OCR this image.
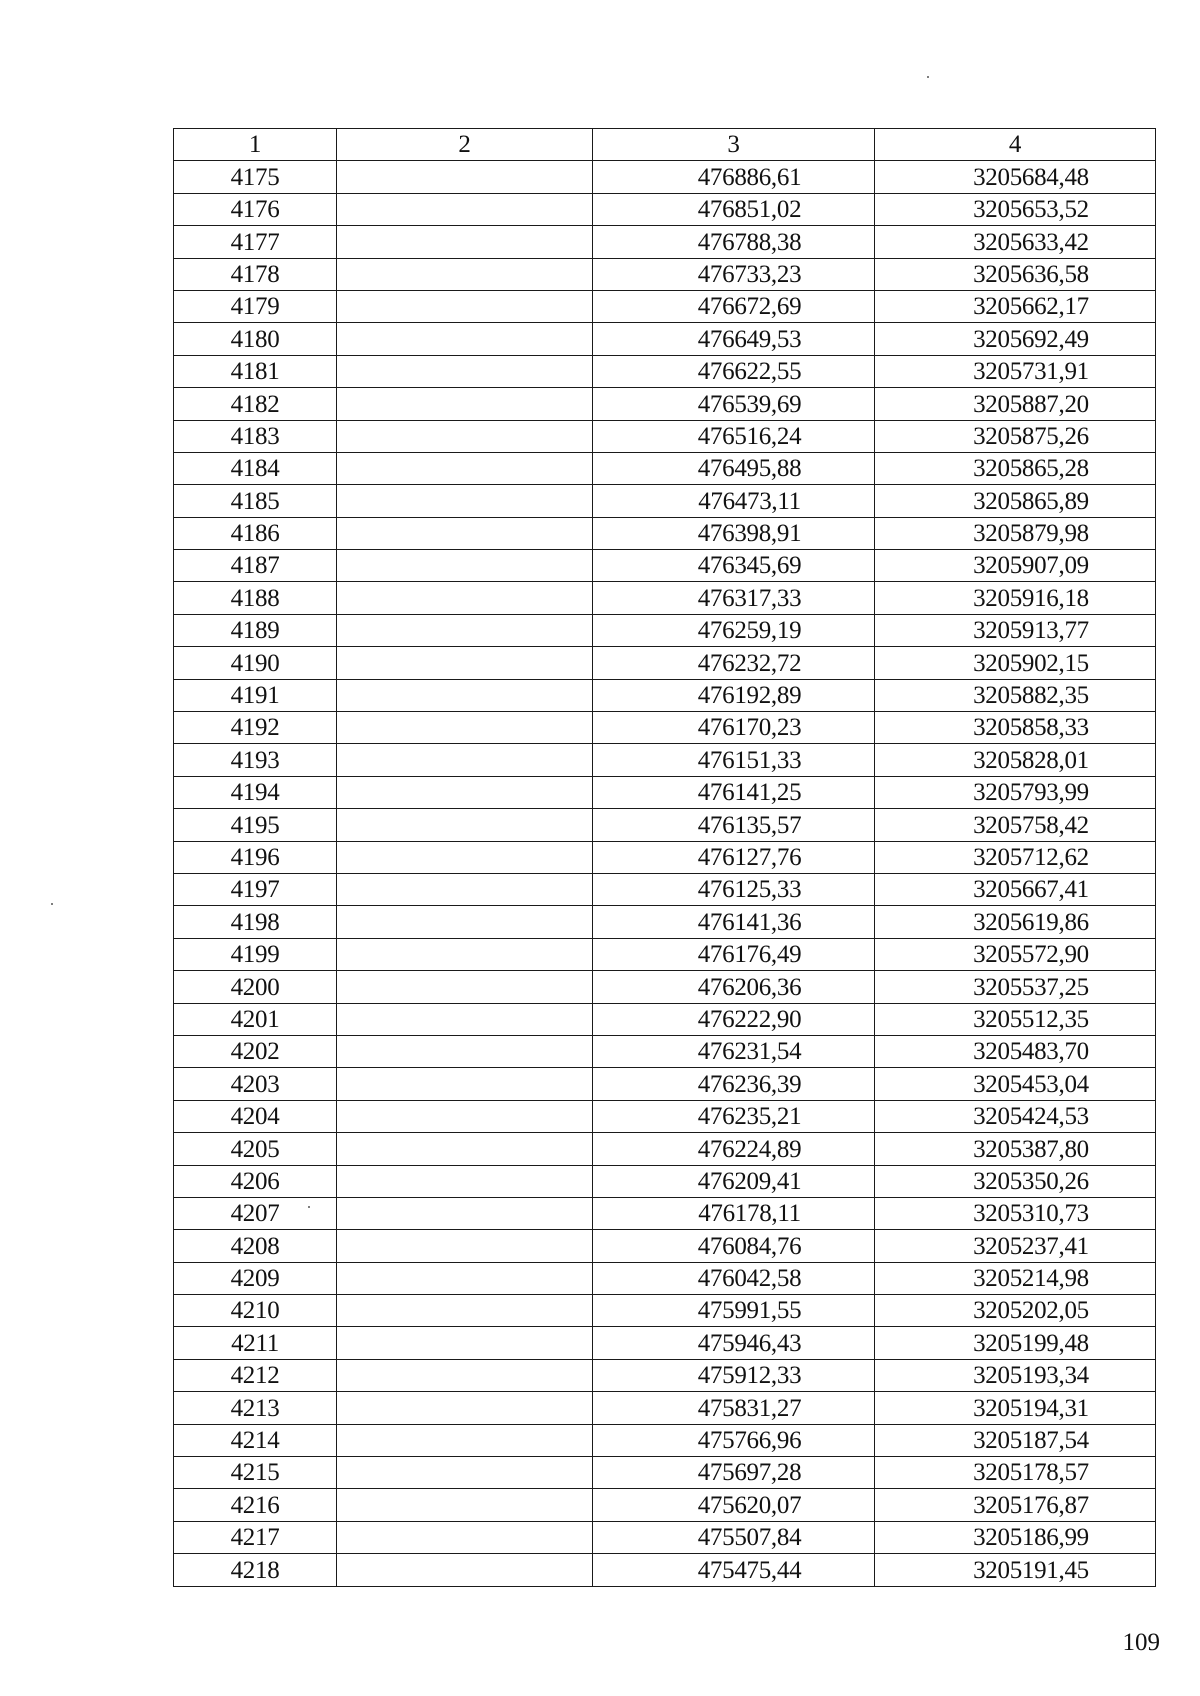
1	2	3	4
4175		476886,61	3205684,48
4176		476851,02	3205653,52
4177		476788,38	3205633,42
4178		476733,23	3205636,58
4179		476672,69	3205662,17
4180		476649,53	3205692,49
4181		476622,55	3205731,91
4182		476539,69	3205887,20
4183		476516,24	3205875,26
4184		476495,88	3205865,28
4185		476473,11	3205865,89
4186		476398,91	3205879,98
4187		476345,69	3205907,09
4188		476317,33	3205916,18
4189		476259,19	3205913,77
4190		476232,72	3205902,15
4191		476192,89	3205882,35
4192		476170,23	3205858,33
4193		476151,33	3205828,01
4194		476141,25	3205793,99
4195		476135,57	3205758,42
4196		476127,76	3205712,62
4197		476125,33	3205667,41
4198		476141,36	3205619,86
4199		476176,49	3205572,90
4200		476206,36	3205537,25
4201		476222,90	3205512,35
4202		476231,54	3205483,70
4203		476236,39	3205453,04
4204		476235,21	3205424,53
4205		476224,89	3205387,80
4206		476209,41	3205350,26
4207		476178,11	3205310,73
4208		476084,76	3205237,41
4209		476042,58	3205214,98
4210		475991,55	3205202,05
4211		475946,43	3205199,48
4212		475912,33	3205193,34
4213		475831,27	3205194,31
4214		475766,96	3205187,54
4215		475697,28	3205178,57
4216		475620,07	3205176,87
4217		475507,84	3205186,99
4218		475475,44	3205191,45
109
